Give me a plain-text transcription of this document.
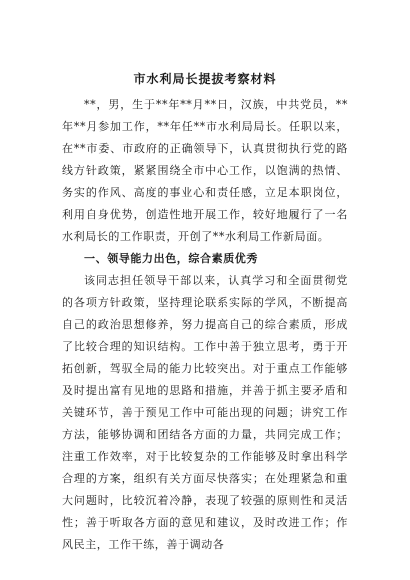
市水利局长提拔考察材料

**，男，生于**年**月**日，汉族，中共党员，**年**月参加工作，**年任**市水利局局长。任职以来，在**市委、市政府的正确领导下，认真贯彻执行党的路线方针政策，紧紧围绕全市中心工作，以饱满的热情、务实的作风、高度的事业心和责任感，立足本职岗位，利用自身优势，创造性地开展工作，较好地履行了一名水利局长的工作职责，开创了**水利局工作新局面。

一、领导能力出色，综合素质优秀

该同志担任领导干部以来，认真学习和全面贯彻党的各项方针政策，坚持理论联系实际的学风，不断提高自己的政治思想修养，努力提高自己的综合素质，形成了比较合理的知识结构。工作中善于独立思考，勇于开拓创新，驾驭全局的能力比较突出。对于重点工作能够及时提出富有见地的思路和措施，并善于抓主要矛盾和关键环节，善于预见工作中可能出现的问题；讲究工作方法，能够协调和团结各方面的力量，共同完成工作；注重工作效率，对于比较复杂的工作能够及时拿出科学合理的方案，组织有关方面尽快落实；在处理紧急和重大问题时，比较沉着冷静，表现了较强的原则性和灵活性；善于听取各方面的意见和建议，及时改进工作；作风民主，工作干练，善于调动各
